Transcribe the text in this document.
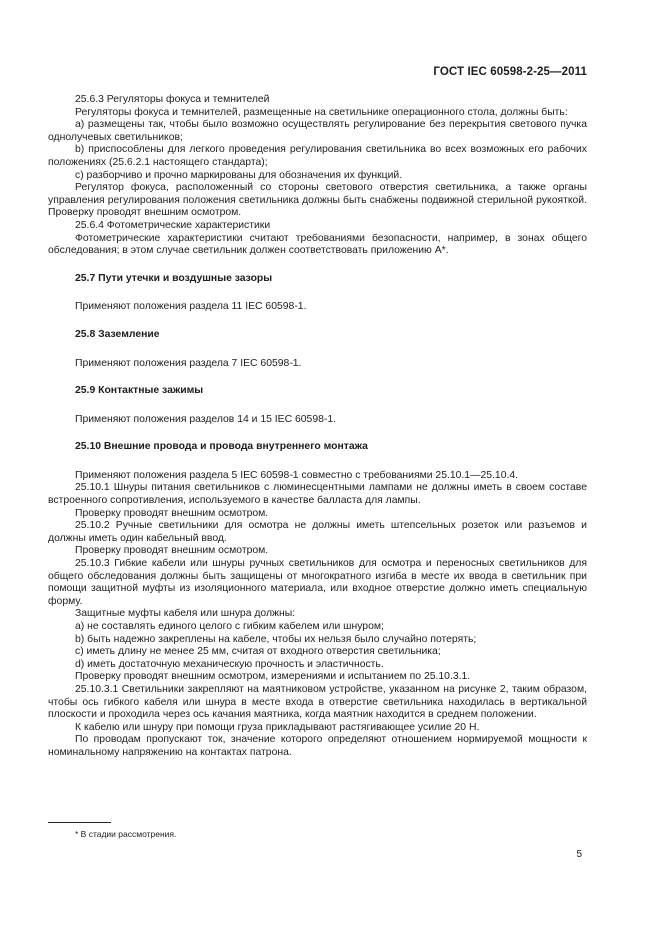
ГОСТ IEC 60598-2-25—2011

25.6.3 Регуляторы фокуса и темнителей

Регуляторы фокуса и темнителей, размещенные на светильнике операционного стола, должны быть:

a) размещены так, чтобы было возможно осуществлять регулирование без перекрытия светового пучка однолучевых светильников;

b) приспособлены для легкого проведения регулирования светильника во всех возможных его рабочих положениях (25.6.2.1 настоящего стандарта);

c) разборчиво и прочно маркированы для обозначения их функций.

Регулятор фокуса, расположенный со стороны светового отверстия светильника, а также органы управления регулирования положения светильника должны быть снабжены подвижной стерильной рукояткой. Проверку проводят внешним осмотром.

25.6.4 Фотометрические характеристики

Фотометрические характеристики считают требованиями безопасности, например, в зонах общего обследования; в этом случае светильник должен соответствовать приложению А*.

25.7 Пути утечки и воздушные зазоры

Применяют положения раздела 11 IEC 60598-1.

25.8 Заземление

Применяют положения раздела 7 IEC 60598-1.

25.9 Контактные зажимы

Применяют положения разделов 14 и 15 IEC 60598-1.

25.10 Внешние провода и провода внутреннего монтажа

Применяют положения раздела 5 IEC 60598-1 совместно с требованиями 25.10.1—25.10.4.

25.10.1 Шнуры питания светильников с люминесцентными лампами не должны иметь в своем составе встроенного сопротивления, используемого в качестве балласта для лампы.

Проверку проводят внешним осмотром.

25.10.2 Ручные светильники для осмотра не должны иметь штепсельных розеток или разъемов и должны иметь один кабельный ввод.

Проверку проводят внешним осмотром.

25.10.3 Гибкие кабели или шнуры ручных светильников для осмотра и переносных светильников для общего обследования должны быть защищены от многократного изгиба в месте их ввода в светильник при помощи защитной муфты из изоляционного материала, или входное отверстие должно иметь специальную форму.

Защитные муфты кабеля или шнура должны:

a) не составлять единого целого с гибким кабелем или шнуром;

b) быть надежно закреплены на кабеле, чтобы их нельзя было случайно потерять;

c) иметь длину не менее 25 мм, считая от входного отверстия светильника;

d) иметь достаточную механическую прочность и эластичность.

Проверку проводят внешним осмотром, измерениями и испытанием по 25.10.3.1.

25.10.3.1 Светильники закрепляют на маятниковом устройстве, указанном на рисунке 2, таким образом, чтобы ось гибкого кабеля или шнура в месте входа в отверстие светильника находилась в вертикальной плоскости и проходила через ось качания маятника, когда маятник находится в среднем положении.

К кабелю или шнуру при помощи груза прикладывают растягивающее усилие 20 Н.

По проводам пропускают ток, значение которого определяют отношением нормируемой мощности к номинальному напряжению на контактах патрона.

* В стадии рассмотрения.
5
